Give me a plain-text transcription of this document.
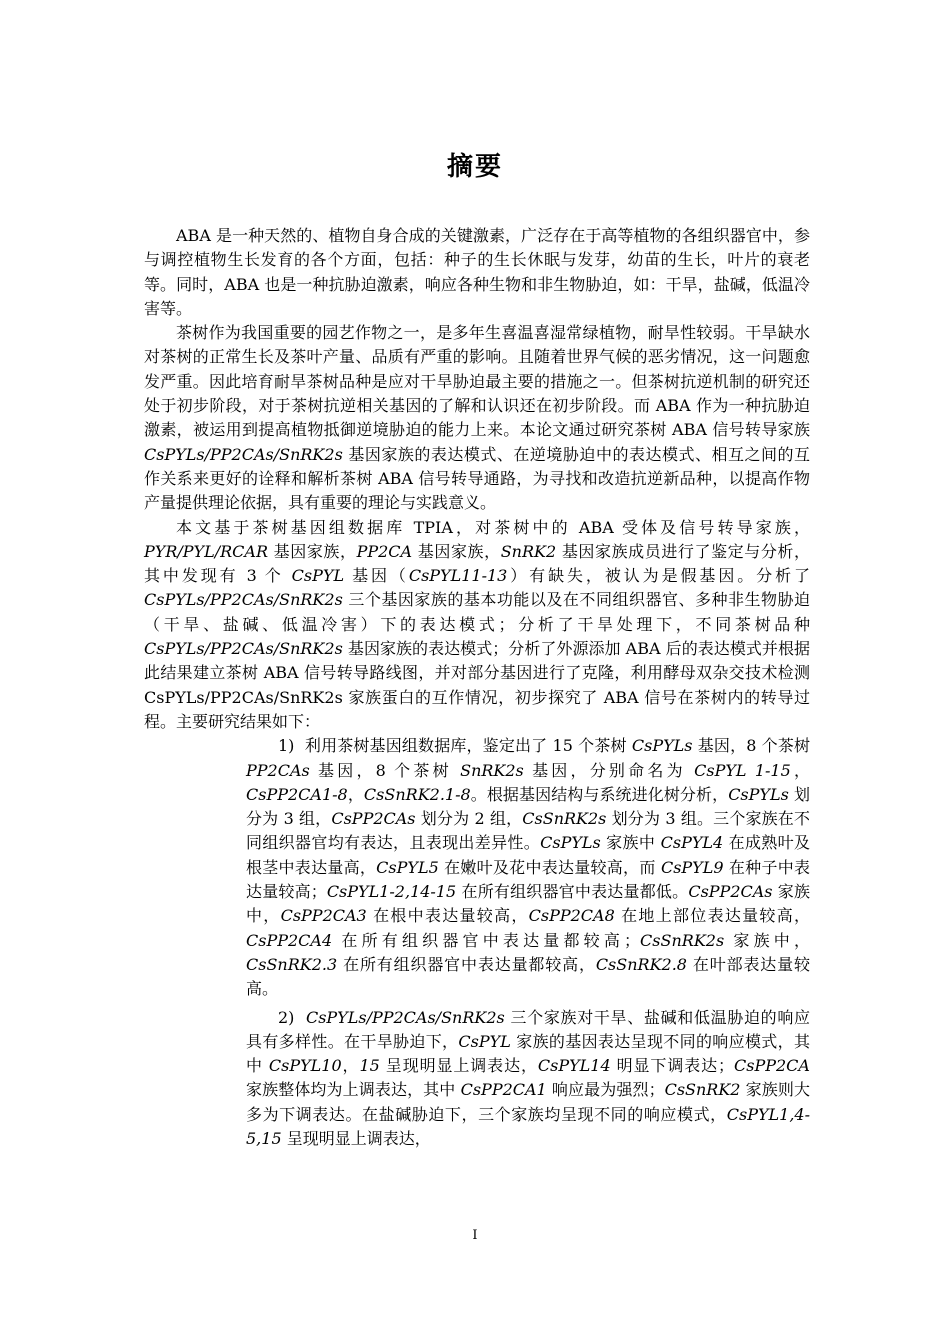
摘要

ABA 是一种天然的、植物自身合成的关键激素，广泛存在于高等植物的各组织器官中，参与调控植物生长发育的各个方面，包括：种子的生长休眠与发芽，幼苗的生长，叶片的衰老等。同时，ABA 也是一种抗胁迫激素，响应各种生物和非生物胁迫，如：干旱，盐碱，低温冷害等。

茶树作为我国重要的园艺作物之一，是多年生喜温喜湿常绿植物，耐旱性较弱。干旱缺水对茶树的正常生长及茶叶产量、品质有严重的影响。且随着世界气候的恶劣情况，这一问题愈发严重。因此培育耐旱茶树品种是应对干旱胁迫最主要的措施之一。但茶树抗逆机制的研究还处于初步阶段，对于茶树抗逆相关基因的了解和认识还在初步阶段。而 ABA 作为一种抗胁迫激素，被运用到提高植物抵御逆境胁迫的能力上来。本论文通过研究茶树 ABA 信号转导家族 CsPYLs/PP2CAs/SnRK2s 基因家族的表达模式、在逆境胁迫中的表达模式、相互之间的互作关系来更好的诠释和解析茶树 ABA 信号转导通路，为寻找和改造抗逆新品种，以提高作物产量提供理论依据，具有重要的理论与实践意义。

本文基于茶树基因组数据库 TPIA，对茶树中的 ABA 受体及信号转导家族，PYR/PYL/RCAR 基因家族，PP2CA 基因家族，SnRK2 基因家族成员进行了鉴定与分析，其中发现有 3 个 CsPYL 基因（CsPYL11-13）有缺失，被认为是假基因。分析了 CsPYLs/PP2CAs/SnRK2s 三个基因家族的基本功能以及在不同组织器官、多种非生物胁迫（干旱、盐碱、低温冷害）下的表达模式；分析了干旱处理下，不同茶树品种 CsPYLs/PP2CAs/SnRK2s 基因家族的表达模式；分析了外源添加 ABA 后的表达模式并根据此结果建立茶树 ABA 信号转导路线图，并对部分基因进行了克隆，利用酵母双杂交技术检测 CsPYLs/PP2CAs/SnRK2s 家族蛋白的互作情况，初步探究了 ABA 信号在茶树内的转导过程。主要研究结果如下：

1)  利用茶树基因组数据库，鉴定出了 15 个茶树 CsPYLs 基因，8 个茶树 PP2CAs 基因，8 个茶树 SnRK2s 基因，分别命名为 CsPYL 1-15，CsPP2CA1-8，CsSnRK2.1-8。根据基因结构与系统进化树分析，CsPYLs 划分为 3 组，CsPP2CAs 划分为 2 组，CsSnRK2s 划分为 3 组。三个家族在不同组织器官均有表达，且表现出差异性。CsPYLs 家族中 CsPYL4 在成熟叶及根茎中表达量高，CsPYL5 在嫩叶及花中表达量较高，而 CsPYL9 在种子中表达量较高；CsPYL1-2,14-15 在所有组织器官中表达量都低。CsPP2CAs 家族中，CsPP2CA3 在根中表达量较高，CsPP2CA8 在地上部位表达量较高，CsPP2CA4 在所有组织器官中表达量都较高；CsSnRK2s 家族中，CsSnRK2.3 在所有组织器官中表达量都较高，CsSnRK2.8 在叶部表达量较高。

2)  CsPYLs/PP2CAs/SnRK2s 三个家族对干旱、盐碱和低温胁迫的响应具有多样性。在干旱胁迫下，CsPYL 家族的基因表达呈现不同的响应模式，其中 CsPYL10，15 呈现明显上调表达，CsPYL14 明显下调表达；CsPP2CA 家族整体均为上调表达，其中 CsPP2CA1 响应最为强烈；CsSnRK2 家族则大多为下调表达。在盐碱胁迫下，三个家族均呈现不同的响应模式，CsPYL1,4-5,15 呈现明显上调表达，

I
